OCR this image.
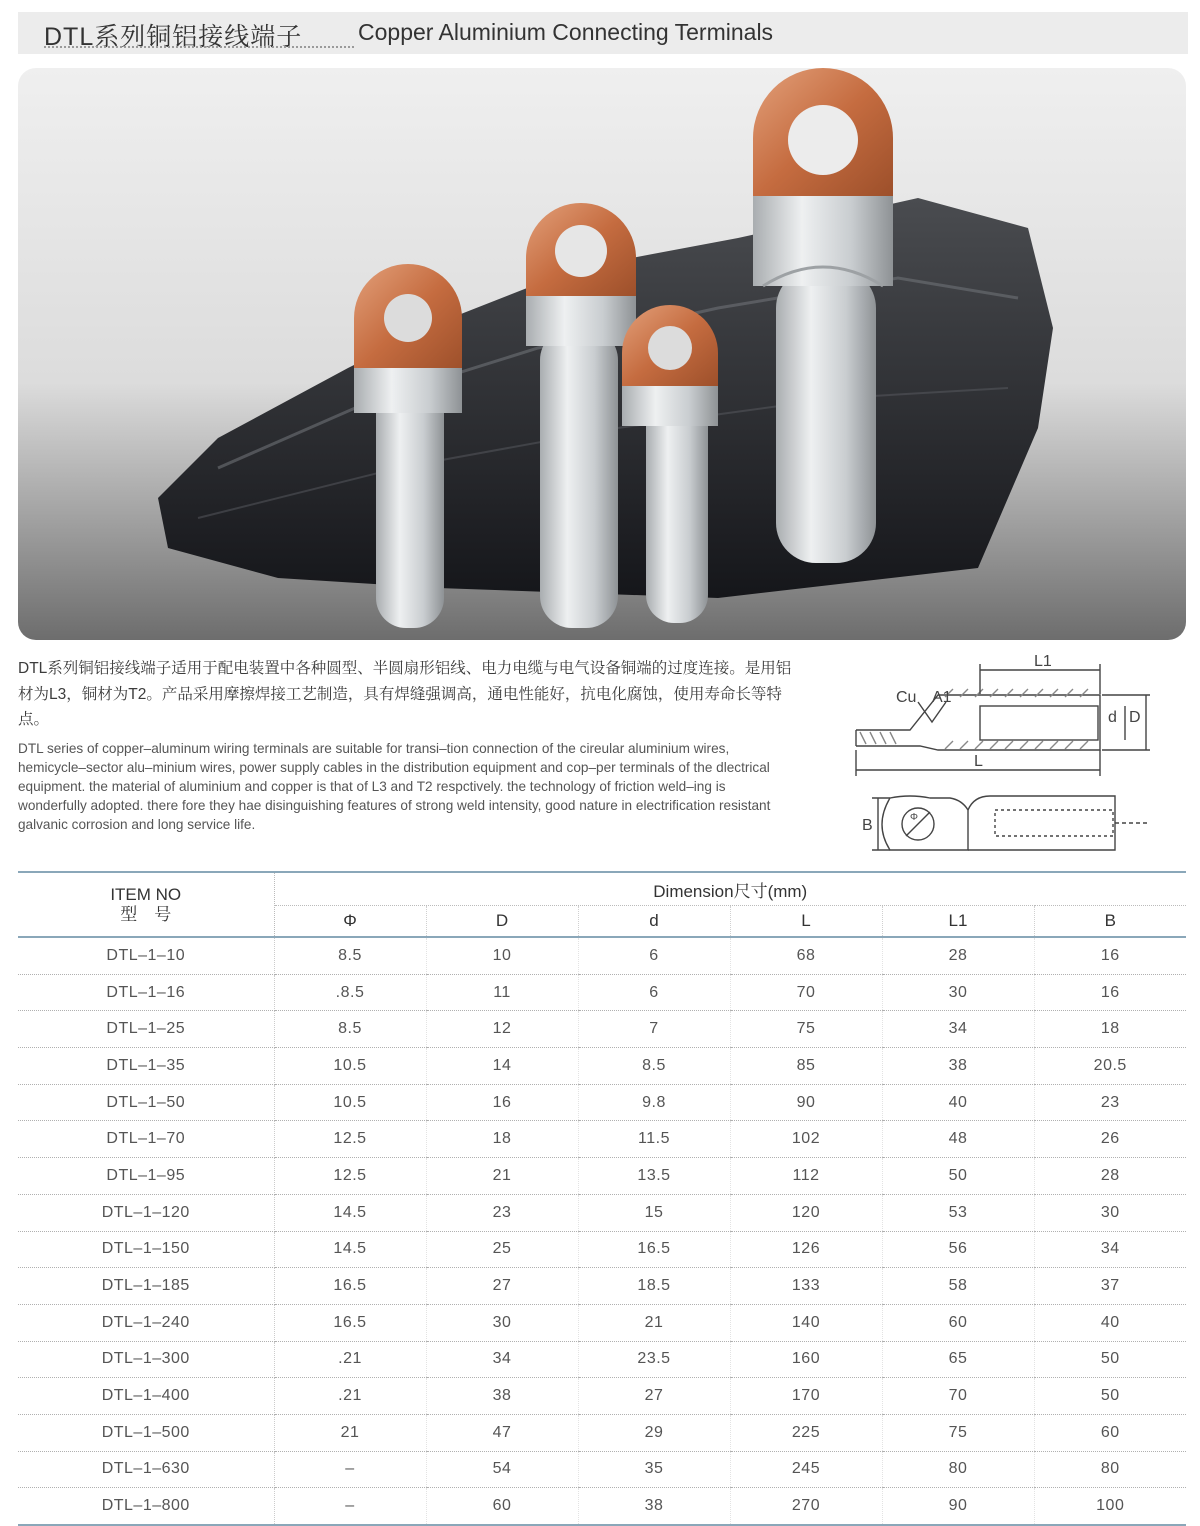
DTL系列铜铝接线端子 Copper Aluminium Connecting Terminals
DTL系列铜铝接线端子适用于配电装置中各种圆型、半圆扇形铝线、电力电缆与电气设备铜端的过度连接。是用铝材为L3，铜材为T2。产品采用摩擦焊接工艺制造，具有焊缝强调高，通电性能好，抗电化腐蚀，使用寿命长等特点。
DTL series of copper–aluminum wiring terminals are suitable for transi–tion connection of the cireular aluminium wires, hemicycle–sector alu–minium wires, power supply cables in the distribution equipment and cop–per terminals of the dlectrical equipment. the material of aluminium and copper is that of L3 and T2 respctively. the technology of friction weld–ing is wonderfully adopted. there fore they hae disinguishing features of strong weld intensity, good nature in electrification resistant galvanic corrosion and long service life.
L1
Cu A1
d D
L
Φ
B
ITEM NO
型　号	Dimension尺寸(mm)					
	Φ	D	d	L	L1	B
DTL–1–10	8.5	10	6	68	28	16
DTL–1–16	.8.5	11	6	70	30	16
DTL–1–25	8.5	12	7	75	34	18
DTL–1–35	10.5	14	8.5	85	38	20.5
DTL–1–50	10.5	16	9.8	90	40	23
DTL–1–70	12.5	18	11.5	102	48	26
DTL–1–95	12.5	21	13.5	112	50	28
DTL–1–120	14.5	23	15	120	53	30
DTL–1–150	14.5	25	16.5	126	56	34
DTL–1–185	16.5	27	18.5	133	58	37
DTL–1–240	16.5	30	21	140	60	40
DTL–1–300	.21	34	23.5	160	65	50
DTL–1–400	.21	38	27	170	70	50
DTL–1–500	21	47	29	225	75	60
DTL–1–630	–	54	35	245	80	80
DTL–1–800	–	60	38	270	90	100
